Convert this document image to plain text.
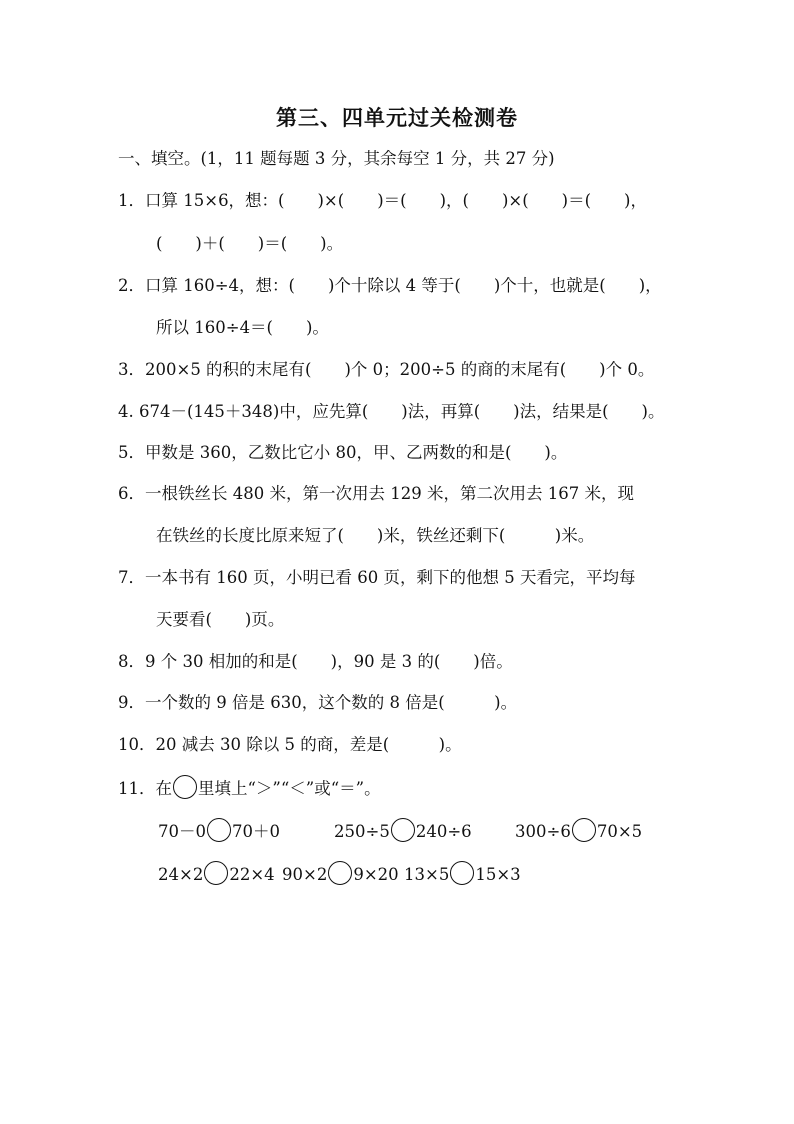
第三、四单元过关检测卷
一、填空。(1，11 题每题 3 分，其余每空 1 分，共 27 分)
1．口算 15×6，想：(　　)×(　　)＝(　　)，(　　)×(　　)＝(　　)，
(　　)＋(　　)＝(　　)。
2．口算 160÷4，想：(　　)个十除以 4 等于(　　)个十，也就是(　　)，
所以 160÷4＝(　　)。
3．200×5 的积的末尾有(　　)个 0；200÷5 的商的末尾有(　　)个 0。
4. 674－(145＋348)中，应先算(　　)法，再算(　　)法，结果是(　　)。
5．甲数是 360，乙数比它小 80，甲、乙两数的和是(　　)。
6．一根铁丝长 480 米，第一次用去 129 米，第二次用去 167 米，现
在铁丝的长度比原来短了(　　)米，铁丝还剩下(　　　)米。
7．一本书有 160 页，小明已看 60 页，剩下的他想 5 天看完，平均每
天要看(　　)页。
8．9 个 30 相加的和是(　　)，90 是 3 的(　　)倍。
9．一个数的 9 倍是 630，这个数的 8 倍是(　　　)。
10．20 减去 30 除以 5 的商，差是(　　　)。
11．在 里填上“＞”“＜”或“＝”。
70－0 70＋0	250÷5 240÷6	300÷6 70×5
24×2 22×4 90×2 9×20 13×5 15×3
